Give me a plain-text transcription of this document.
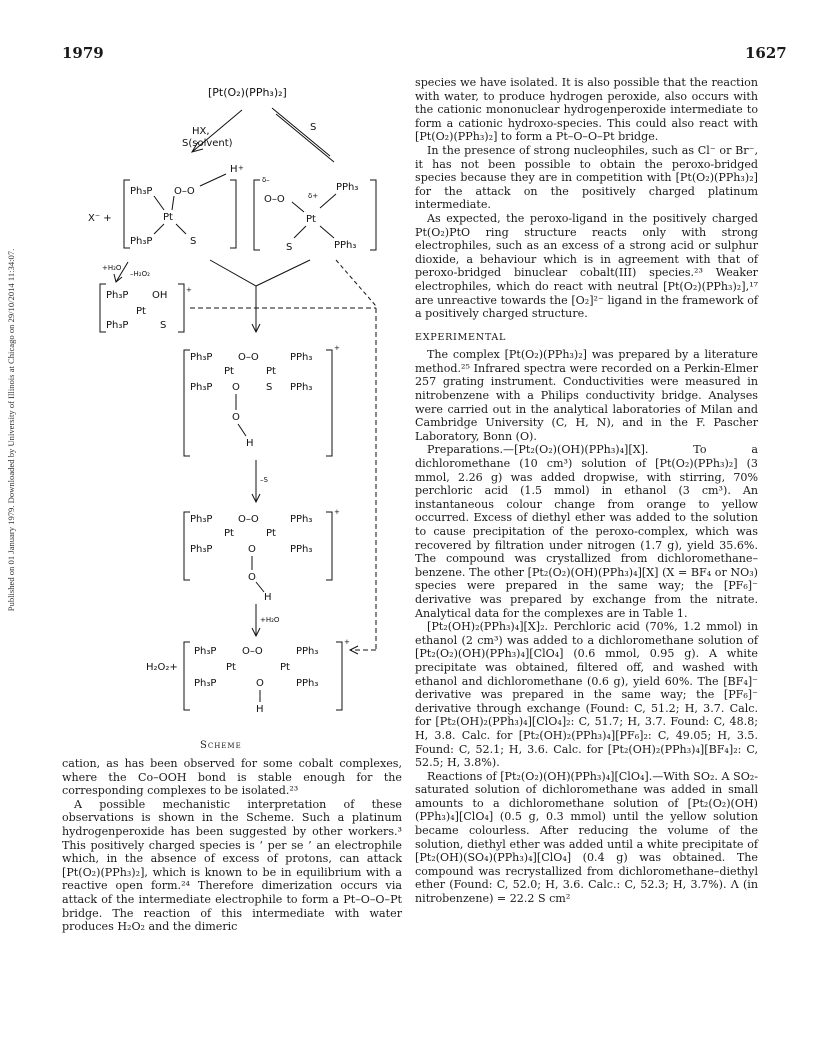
1979	1627
Published on 01 January 1979. Downloaded by University of Illinois at Chicago on 29/10/2014 11:34:07.
[Pt(O₂)(PPh₃)₂]
HX,
S(solvent)
S
X⁻ +
Ph₃P O–O
H +
Pt
Ph₃P	S
δ–
O–O	δ+
PPh₃
Pt
S	PPh₃
+H₂O
–H₂O₂
+
Ph₃P OH
Pt
Ph₃P	S
+
Ph₃P	O–O	PPh₃
Pt	Pt
Ph₃P O	S PPh₃
O
H
–S
+
Ph₃P	O–O	PPh₃
Pt	Pt
Ph₃P	O	PPh₃
O
H
+H₂O
H₂O₂+
+
Ph₃P	O–O	PPh₃
Pt	Pt
Ph₃P	O	PPh₃
H
Scheme

cation, as has been observed for some cobalt complexes, where the Co–OOH bond is stable enough for the corresponding complexes to be isolated.²³

A possible mechanistic interpretation of these observations is shown in the Scheme. Such a platinum hydrogenperoxide has been suggested by other workers.³ This positively charged species is ‘ per se ’ an electrophile which, in the absence of excess of protons, can attack [Pt(O₂)(PPh₃)₂], which is known to be in equilibrium with a reactive open form.²⁴ Therefore dimerization occurs via attack of the intermediate electrophile to form a Pt–O–O–Pt bridge. The reaction of this intermediate with water produces H₂O₂ and the dimeric

species we have isolated. It is also possible that the reaction with water, to produce hydrogen peroxide, also occurs with the cationic mononuclear hydrogenperoxide intermediate to form a cationic hydroxo-species. This could also react with [Pt(O₂)(PPh₃)₂] to form a Pt–O–O–Pt bridge.

In the presence of strong nucleophiles, such as Cl⁻ or Br⁻, it has not been possible to obtain the peroxo-bridged species because they are in competition with [Pt(O₂)(PPh₃)₂] for the attack on the positively charged platinum intermediate.

As expected, the peroxo-ligand in the positively charged Pt(O₂)PtO ring structure reacts only with strong electrophiles, such as an excess of a strong acid or sulphur dioxide, a behaviour which is in agreement with that of peroxo-bridged binuclear cobalt(III) species.²³ Weaker electrophiles, which do react with neutral [Pt(O₂)(PPh₃)₂],¹⁷ are unreactive towards the [O₂]²⁻ ligand in the framework of a positively charged structure.

EXPERIMENTAL

The complex [Pt(O₂)(PPh₃)₂] was prepared by a literature method.²⁵ Infrared spectra were recorded on a Perkin-Elmer 257 grating instrument. Conductivities were measured in nitrobenzene with a Philips conductivity bridge. Analyses were carried out in the analytical laboratories of Milan and Cambridge University (C, H, N), and in the F. Pascher Laboratory, Bonn (O).

Preparations.—[Pt₂(O₂)(OH)(PPh₃)₄][X]. To a dichloromethane (10 cm³) solution of [Pt(O₂)(PPh₃)₂] (3 mmol, 2.26 g) was added dropwise, with stirring, 70% perchloric acid (1.5 mmol) in ethanol (3 cm³). An instantaneous colour change from orange to yellow occurred. Excess of diethyl ether was added to the solution to cause precipitation of the peroxo-complex, which was recovered by filtration under nitrogen (1.7 g), yield 35.6%. The compound was crystallized from dichloromethane–benzene. The other [Pt₂(O₂)(OH)(PPh₃)₄][X] (X = BF₄ or NO₃) species were prepared in the same way; the [PF₆]⁻ derivative was prepared by exchange from the nitrate. Analytical data for the complexes are in Table 1.

[Pt₂(OH)₂(PPh₃)₄][X]₂. Perchloric acid (70%, 1.2 mmol) in ethanol (2 cm³) was added to a dichloromethane solution of [Pt₂(O₂)(OH)(PPh₃)₄][ClO₄] (0.6 mmol, 0.95 g). A white precipitate was obtained, filtered off, and washed with ethanol and dichloromethane (0.6 g), yield 60%. The [BF₄]⁻ derivative was prepared in the same way; the [PF₆]⁻ derivative through exchange (Found: C, 51.2; H, 3.7. Calc. for [Pt₂(OH)₂(PPh₃)₄][ClO₄]₂: C, 51.7; H, 3.7. Found: C, 48.8; H, 3.8. Calc. for [Pt₂(OH)₂(PPh₃)₄][PF₆]₂: C, 49.05; H, 3.5. Found: C, 52.1; H, 3.6. Calc. for [Pt₂(OH)₂(PPh₃)₄][BF₄]₂: C, 52.5; H, 3.8%).

Reactions of [Pt₂(O₂)(OH)(PPh₃)₄][ClO₄].—With SO₂. A SO₂-saturated solution of dichloromethane was added in small amounts to a dichloromethane solution of [Pt₂(O₂)(OH)(PPh₃)₄][ClO₄] (0.5 g, 0.3 mmol) until the yellow solution became colourless. After reducing the volume of the solution, diethyl ether was added until a white precipitate of [Pt₂(OH)(SO₄)(PPh₃)₄][ClO₄] (0.4 g) was obtained. The compound was recrystallized from dichloromethane–diethyl ether (Found: C, 52.0; H, 3.6. Calc.: C, 52.3; H, 3.7%). Λ (in nitrobenzene) = 22.2 S cm²
